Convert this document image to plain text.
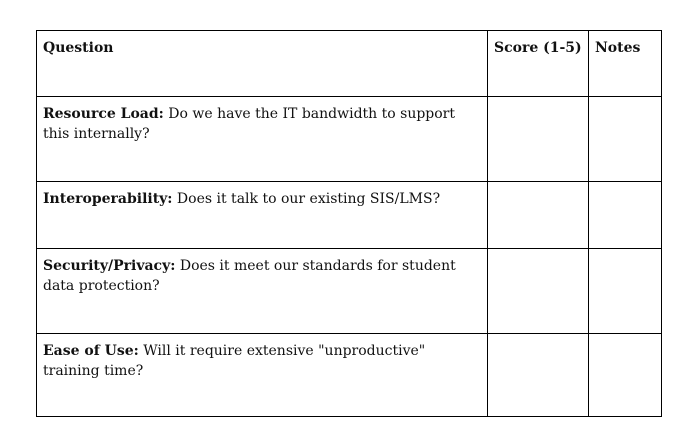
Question	Score (1-5)	Notes
Resource Load: Do we have the IT bandwidth to support this internally?		
Interoperability: Does it talk to our existing SIS/LMS?		
Security/Privacy: Does it meet our standards for student data protection?		
Ease of Use: Will it require extensive "unproductive" training time?		
